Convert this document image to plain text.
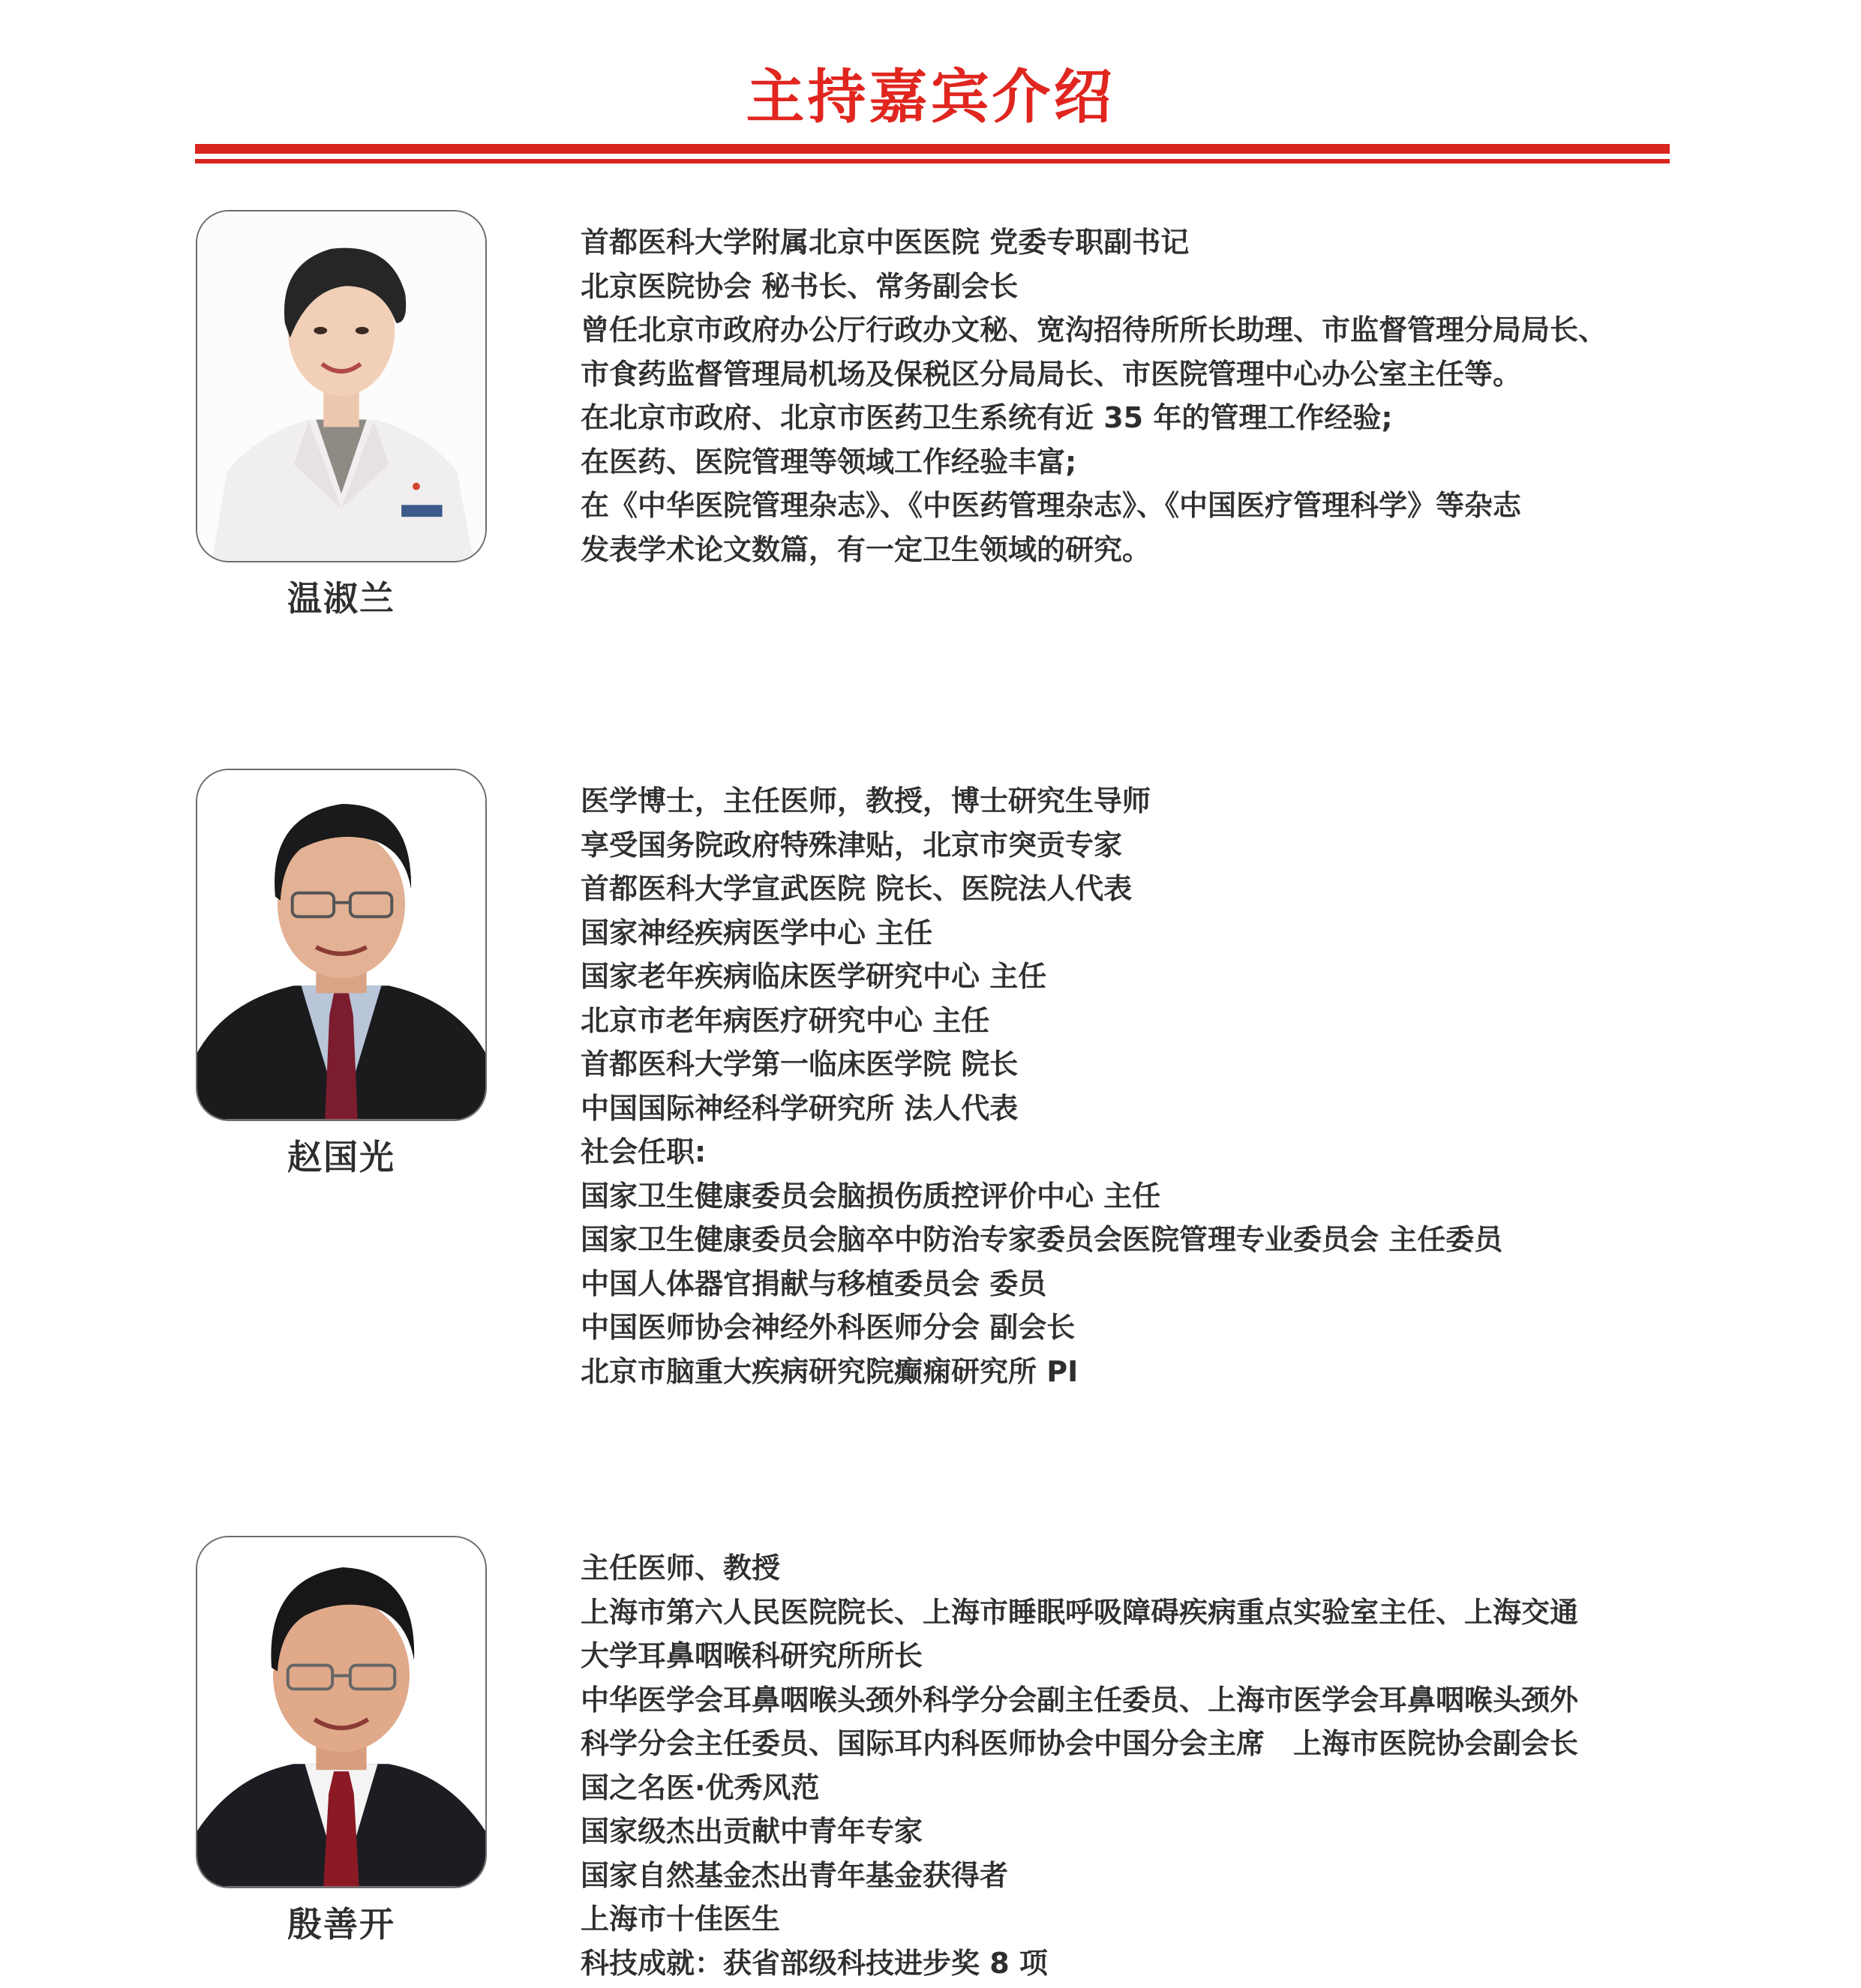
主持嘉宾介绍
温淑兰
首都医科大学附属北京中医医院 党委专职副书记
北京医院协会 秘书长、常务副会长
曾任北京市政府办公厅行政办文秘、宽沟招待所所长助理、市监督管理分局局长、
市食药监督管理局机场及保税区分局局长、市医院管理中心办公室主任等。
在北京市政府、北京市医药卫生系统有近 35 年的管理工作经验;
在医药、医院管理等领域工作经验丰富;
在《中华医院管理杂志》、《中医药管理杂志》、《中国医疗管理科学》等杂志
发表学术论文数篇，有一定卫生领域的研究。
赵国光
医学博士，主任医师，教授，博士研究生导师
享受国务院政府特殊津贴，北京市突贡专家
首都医科大学宣武医院 院长、医院法人代表
国家神经疾病医学中心 主任
国家老年疾病临床医学研究中心 主任
北京市老年病医疗研究中心 主任
首都医科大学第一临床医学院 院长
中国国际神经科学研究所 法人代表
社会任职:
国家卫生健康委员会脑损伤质控评价中心 主任
国家卫生健康委员会脑卒中防治专家委员会医院管理专业委员会 主任委员
中国人体器官捐献与移植委员会 委员
中国医师协会神经外科医师分会 副会长
北京市脑重大疾病研究院癫痫研究所 PI
殷善开
主任医师、教授
上海市第六人民医院院长、上海市睡眠呼吸障碍疾病重点实验室主任、上海交通
大学耳鼻咽喉科研究所所长
中华医学会耳鼻咽喉头颈外科学分会副主任委员、上海市医学会耳鼻咽喉头颈外
科学分会主任委员、国际耳内科医师协会中国分会主席　上海市医院协会副会长
国之名医·优秀风范
国家级杰出贡献中青年专家
国家自然基金杰出青年基金获得者
上海市十佳医生
科技成就：获省部级科技进步奖 8 项
